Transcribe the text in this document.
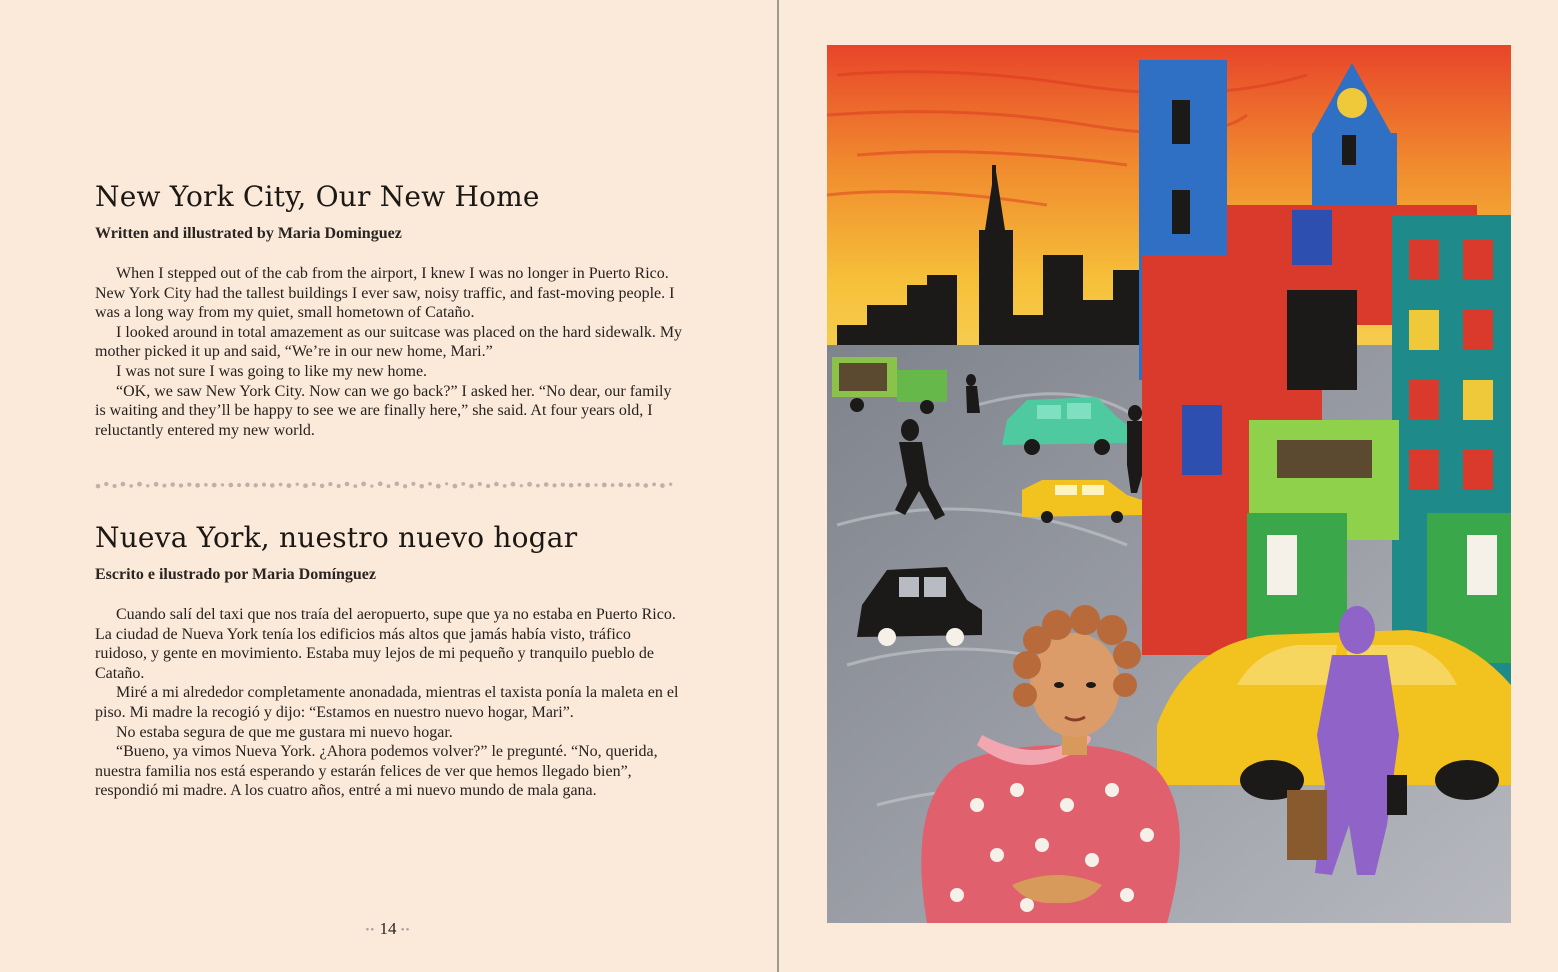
New York City, Our New Home
Written and illustrated by Maria Dominguez

When I stepped out of the cab from the airport, I knew I was no longer in Puerto Rico. New York City had the tallest buildings I ever saw, noisy traffic, and fast-moving people. I was a long way from my quiet, small hometown of Cataño.

I looked around in total amazement as our suitcase was placed on the hard sidewalk. My mother picked it up and said, “We’re in our new home, Mari.”

I was not sure I was going to like my new home.

“OK, we saw New York City. Now can we go back?” I asked her. “No dear, our family is waiting and they’ll be happy to see we are finally here,” she said. At four years old, I reluctantly entered my new world.

Nueva York, nuestro nuevo hogar
Escrito e ilustrado por Maria Domínguez

Cuando salí del taxi que nos traía del aeropuerto, supe que ya no estaba en Puerto Rico. La ciudad de Nueva York tenía los edificios más altos que jamás había visto, tráfico ruidoso, y gente en movimiento. Estaba muy lejos de mi pequeño y tranquilo pueblo de Cataño.

Miré a mi alrededor completamente anonadada, mientras el taxista ponía la maleta en el piso. Mi madre la recogió y dijo: “Estamos en nuestro nuevo hogar, Mari”.

No estaba segura de que me gustara mi nuevo hogar.

“Bueno, ya vimos Nueva York. ¿Ahora podemos volver?” le pregunté. “No, querida, nuestra familia nos está esperando y estarán felices de ver que hemos llegado bien”, respondió mi madre. A los cuatro años, entré a mi nuevo mundo de mala gana.

•• 14 ••
